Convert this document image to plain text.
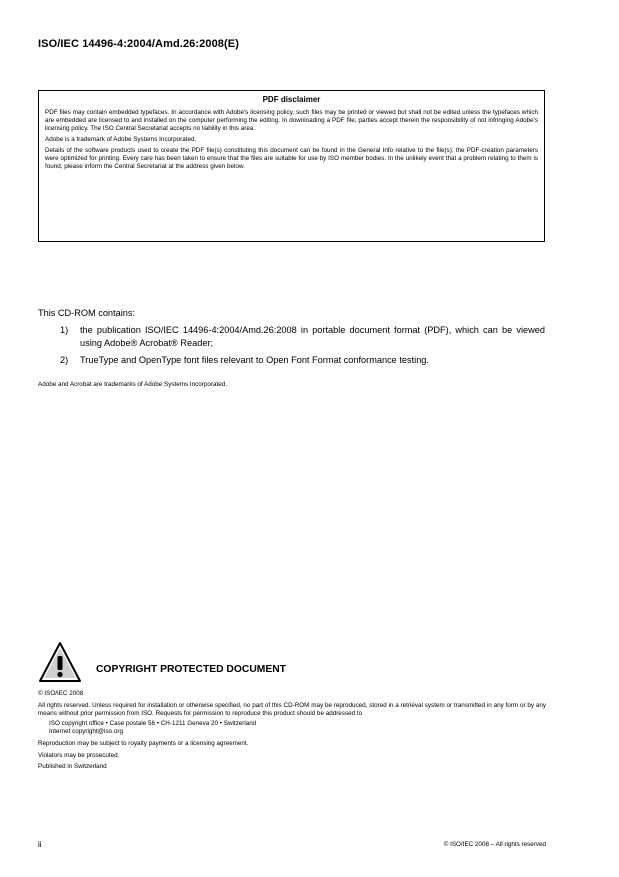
ISO/IEC 14496-4:2004/Amd.26:2008(E)
PDF disclaimer

PDF files may contain embedded typefaces. In accordance with Adobe's licensing policy, such files may be printed or viewed but shall not be edited unless the typefaces which are embedded are licensed to and installed on the computer performing the editing. In downloading a PDF file, parties accept therein the responsibility of not infringing Adobe's licensing policy. The ISO Central Secretariat accepts no liability in this area.

Adobe is a trademark of Adobe Systems Incorporated.

Details of the software products used to create the PDF file(s) constituting this document can be found in the General Info relative to the file(s); the PDF-creation parameters were optimized for printing. Every care has been taken to ensure that the files are suitable for use by ISO member bodies. In the unlikely event that a problem relating to them is found, please inform the Central Secretariat at the address given below.

This CD-ROM contains:
1)	the publication ISO/IEC 14496-4:2004/Amd.26:2008 in portable document format (PDF), which can be viewed using Adobe® Acrobat® Reader;
2)	TrueType and OpenType font files relevant to Open Font Format conformance testing.
Adobe and Acrobat are trademarks of Adobe Systems Incorporated.
COPYRIGHT PROTECTED DOCUMENT

© ISO/IEC 2008

All rights reserved. Unless required for installation or otherwise specified, no part of this CD-ROM may be reproduced, stored in a retrieval system or transmitted in any form or by any means without prior permission from ISO. Requests for permission to reproduce this product should be addressed to

ISO copyright office • Case postale 56 • CH-1211 Geneva 20 • Switzerland

Internet copyright@iso.org

Reproduction may be subject to royalty payments or a licensing agreement.

Violators may be prosecuted.

Published in Switzerland

ii	© ISO/IEC 2008 – All rights reserved
